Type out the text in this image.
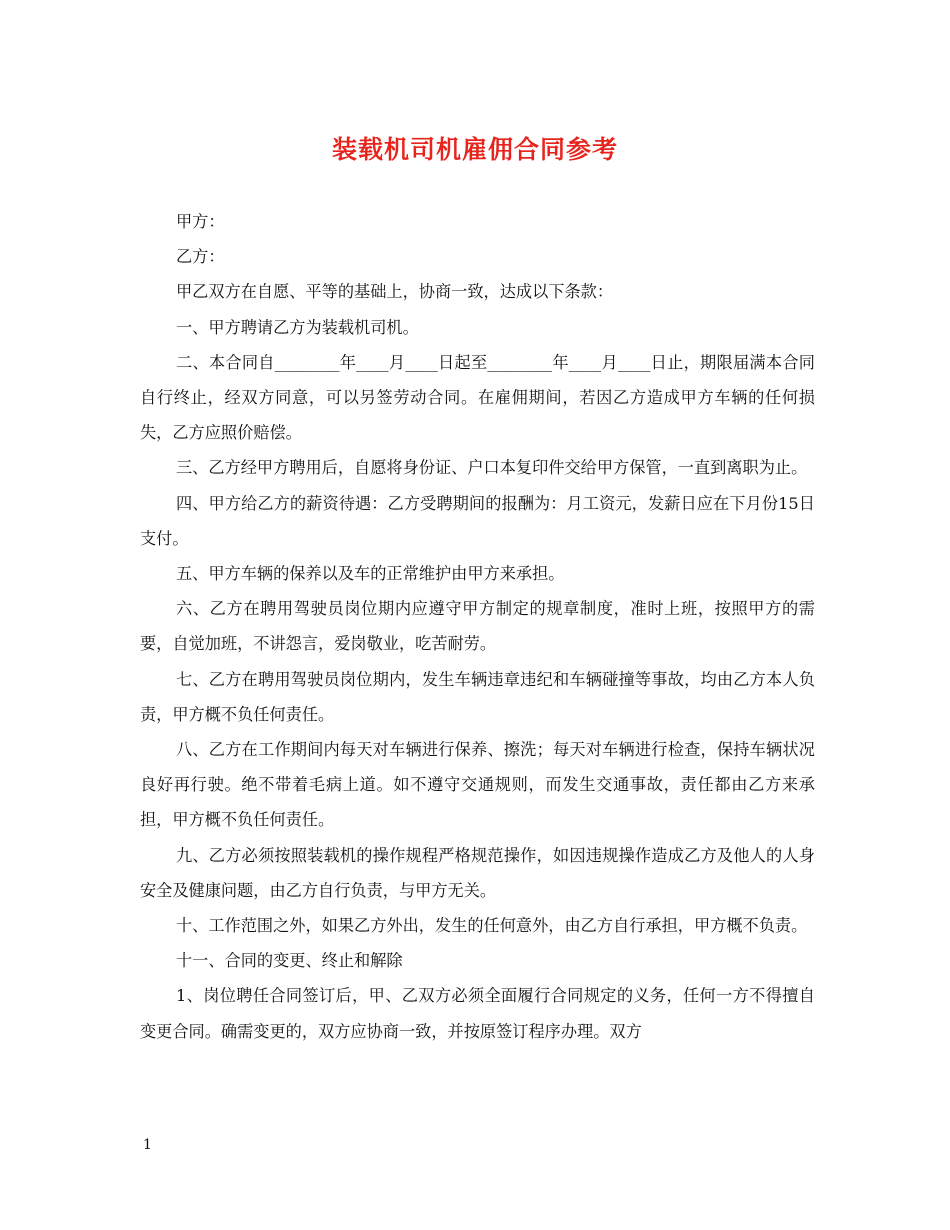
装载机司机雇佣合同参考

甲方：

乙方：

甲乙双方在自愿、平等的基础上，协商一致，达成以下条款：

一、甲方聘请乙方为装载机司机。

二、本合同自________年____月____日起至________年____月____日止，期限届满本合同自行终止，经双方同意，可以另签劳动合同。在雇佣期间，若因乙方造成甲方车辆的任何损失，乙方应照价赔偿。

三、乙方经甲方聘用后，自愿将身份证、户口本复印件交给甲方保管，一直到离职为止。

四、甲方给乙方的薪资待遇：乙方受聘期间的报酬为：月工资元，发薪日应在下月份15日支付。

五、甲方车辆的保养以及车的正常维护由甲方来承担。

六、乙方在聘用驾驶员岗位期内应遵守甲方制定的规章制度，准时上班，按照甲方的需要，自觉加班，不讲怨言，爱岗敬业，吃苦耐劳。

七、乙方在聘用驾驶员岗位期内，发生车辆违章违纪和车辆碰撞等事故，均由乙方本人负责，甲方概不负任何责任。

八、乙方在工作期间内每天对车辆进行保养、擦洗；每天对车辆进行检查，保持车辆状况良好再行驶。绝不带着毛病上道。如不遵守交通规则，而发生交通事故，责任都由乙方来承担，甲方概不负任何责任。

九、乙方必须按照装载机的操作规程严格规范操作，如因违规操作造成乙方及他人的人身安全及健康问题，由乙方自行负责，与甲方无关。

十、工作范围之外，如果乙方外出，发生的任何意外，由乙方自行承担，甲方概不负责。

十一、合同的变更、终止和解除

1、岗位聘任合同签订后，甲、乙双方必须全面履行合同规定的义务，任何一方不得擅自变更合同。确需变更的，双方应协商一致，并按原签订程序办理。双方

1
